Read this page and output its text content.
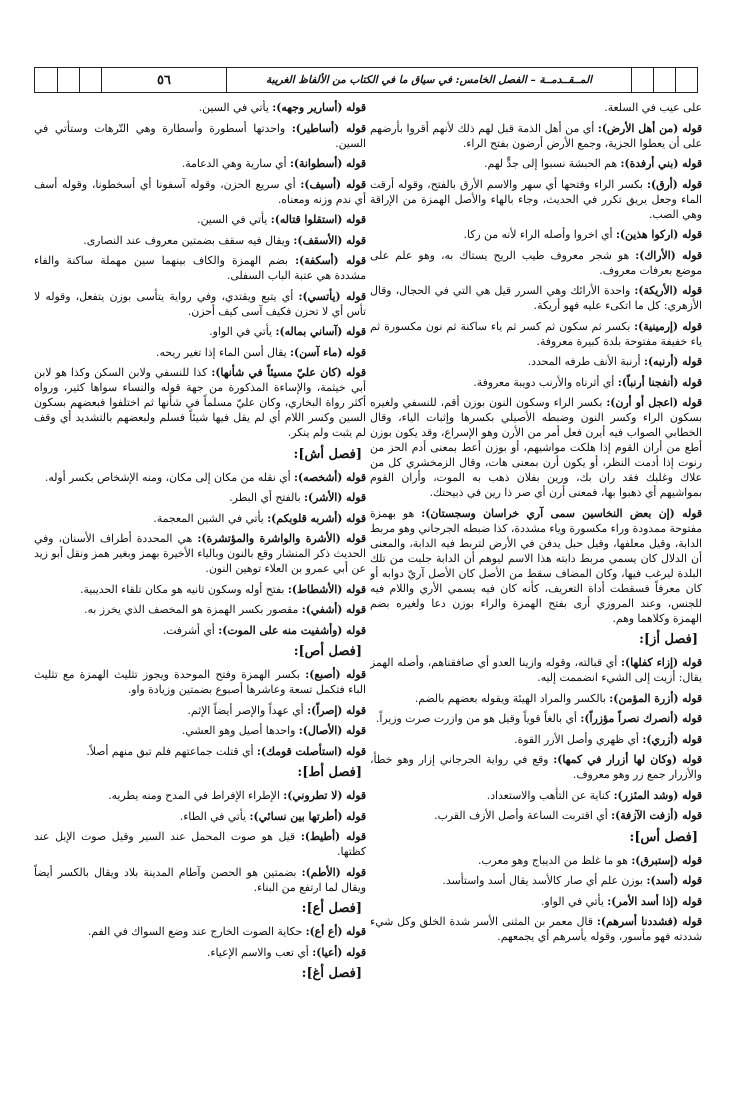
٥٦	المــقــدمــة – الفصل الخامس: في سياق ما في الكتاب من الألفاظ الغريبة

على عيب في السلعة.

قوله (من أهل الأرض): أي من أهل الذمة قبل لهم ذلك لأنهم أقروا بأرضهم على أن يعطوا الجزية، وجمع الأرض أرضون بفتح الراء.

قوله (بني أرفدة): هم الحبشة نسبوا إلى جدٍّ لهم.

قوله (أرق): بكسر الراء وفتحها أي سهر والاسم الأرق بالفتح، وقوله أرقت الماء وجعل يريق تكرر في الحديث، وجاء بالهاء والأصل الهمزة من الإراقة وهي الصب.

قوله (اركوا هذين): أي اخروا وأصله الراء لأنه من ركا.

قوله (الأراك): هو شجر معروف طيب الريح يستاك به، وهو علم على موضع بعرفات معروف.

قوله (الأريكة): واحدة الأرائك وهي السرر قيل هي التي في الحجال، وقال الأزهري: كل ما اتكىء عليه فهو أريكة.

قوله (إرمينية): بكسر ثم سكون ثم كسر ثم ياء ساكنة ثم نون مكسورة ثم ياء خفيفة مفتوحة بلدة كبيرة معروفة.

قوله (أرنبه): أرنبة الأنف طرفه المحدد.

قوله (أنفجنا أرنباً): أي أثرناه والأرنب دويبة معروفة.

قوله (اعجل أو أرن): بكسر الراء وسكون النون بوزن أقم، للنسفي ولغيره بسكون الراء وكسر النون وضبطه الأصيلي بكسرها وإثبات الياء، وقال الخطابي الصواب فيه أيرن فعل أمر من الأرن وهو الإسراع، وقد يكون بوزن أطع من أران القوم إذا هلكت مواشيهم، أو بوزن أعط بمعنى أدم الحز من رنوت إذا أدمت النظر، أو يكون أرن بمعنى هات، وقال الزمخشري كل من علاك وغلبك فقد ران بك، ورين بفلان ذهب به الموت، وأران القوم بمواشيهم أي ذهبوا بها، فمعنى أرن أي صر ذا رين في ذبيحتك.

قوله (إن بعض النخاسين سمى آري خراسان وسجستان): هو بهمزة مفتوحة ممدودة وراء مكسورة وياء مشددة، كذا ضبطه الجرجاني وهو مربط الدابة، وقيل معلفها، وقيل حبل يدفن في الأرض لتربط فيه الدابة، والمعنى أن الدلال كان يسمي مربط دابته هذا الاسم ليوهم أن الدابة جلبت من تلك البلدة ليرغب فيها، وكان المضاف سقط من الأصل كان الأصل آريّ دوابه أو كان معرفاً فسقطت أداة التعريف، كأنه كان فيه يسمي الأري واللام فيه للجنس، وعند المروزي أرى بفتح الهمزة والراء بوزن دعا ولغيره بضم الهمزة وكلاهما وهم.

[فصل أز]:

قوله (إزاء كفلها): أي قبالته، وقوله وازينا العدو أي صافقناهم، وأصله الهمز يقال: أزيت إلى الشيء انضممت إليه.

قوله (أزرة المؤمن): بالكسر والمراد الهيئة ويقوله بعضهم بالضم.

قوله (أنصرك نصراً مؤزراً): أي بالغاً قوياً وقيل هو من وازرت صرت وزيراً.

قوله (أزري): أي ظهري وأصل الأزر القوة.

قوله (وكان لها أزرار في كمها): وقع في رواية الجرجاني إزار وهو خطأ، والأزرار جمع زر وهو معروف.

قوله (وشد المئزر): كناية عن التأهب والاستعداد.

قوله (أزفت الآزفة): أي اقتربت الساعة وأصل الأزف القرب.

[فصل أس]:

قوله (إستبرق): هو ما غلظ من الديباج وهو معرب.

قوله (أسد): بوزن علم أي صار كالأسد يقال أسد واستأسد.

قوله (إذا أسد الأمر): يأتي في الواو.

قوله (فشددنا أسرهم): قال معمر بن المثنى الأسر شدة الخلق وكل شيء شددته فهو مأسور، وقوله يأسرهم أي يجمعهم.

قوله (أسارير وجهه): يأتي في السين.

قوله (أساطير): واحدتها أسطورة وأسطارة وهي التّرهات وستأتي في السين.

قوله (أسطوانة): أي سارية وهي الدعامة.

قوله (أسيف): أي سريع الحزن، وقوله آسفونا أي أسخطونا، وقوله أسف أي ندم وزنه ومعناه.

قوله (استقلوا قتاله): يأتي في السين.

قوله (الأسقف): ويقال فيه سقف بضمتين معروف عند النصارى.

قوله (أسكفة): بضم الهمزة والكاف بينهما سين مهملة ساكنة والفاء مشددة هي عتبة الباب السفلى.

قوله (يأتسي): أي يتبع ويقتدي، وفي رواية يتأسى بوزن يتفعل، وقوله لا تأس أي لا تحزن فكيف آسى كيف أحزن.

قوله (آساني بماله): يأتي في الواو.

قوله (ماء آسن): يقال أسن الماء إذا تغير ريحه.

قوله (كان عليّ مسيئاً في شأنها): كذا للنسفي ولابن السكن وكذا هو لابن أبي خيثمة، والإساءة المذكورة من جهة قوله والنساء سواها كثير، ورواه أكثر رواة البخاري، وكان عليّ مسلماً في شأنها ثم اختلفوا فبعضهم بسكون السين وكسر اللام أي لم يقل فيها شيئاً فسلم ولبعضهم بالتشديد أي وقف لم يثبت ولم ينكر.

[فصل أش]:

قوله (أشخصه): أي نقله من مكان إلى مكان، ومنه الإشخاص بكسر أوله.

قوله (الأشر): بالفتح أي البطر.

قوله (أشربه قلوبكم): يأتي في الشين المعجمة.

قوله (الأشرة والواشرة والمؤتشرة): هي المحددة أطراف الأسنان، وفي الحديث ذكر المنشار وقع بالنون وبالياء الأخيرة بهمز وبغير همز ونقل أبو زيد عن أبي عمرو بن العلاء توهين النون.

قوله (الأشطاط): بفتح أوله وسكون ثانيه هو مكان تلقاء الحديبية.

قوله (أشفي): مقصور بكسر الهمزة هو المخصف الذي يخرز به.

قوله (وأشفيت منه على الموت): أي أشرفت.

[فصل أص]:

قوله (أصبع): بكسر الهمزة وفتح الموحدة ويجوز تثليث الهمزة مع تثليث الباء فتكمل تسعة وعاشرها أصبوع بضمتين وزيادة واو.

قوله (إصراً): أي عهداً والإصر أيضاً الإثم.

قوله (الأصال): واحدها أصيل وهو العشي.

قوله (استأصلت قومك): أي قتلت جماعتهم فلم تبق منهم أصلاً.

[فصل أط]:

قوله (لا تطروني): الإطراء الإفراط في المدح ومنه يطريه.

قوله (أطرتها بين نسائي): يأتي في الطاء.

قوله (أطيط): قيل هو صوت المحمل عند السير وقيل صوت الإبل عند كظتها.

قوله (الأطم): بضمتين هو الحصن وآطام المدينة بلاد ويقال بالكسر أيضاً ويقال لما ارتفع من البناء.

[فصل أع]:

قوله (أع أع): حكاية الصوت الخارج عند وضع السواك في الفم.

قوله (أعيا): أي تعب والاسم الإعياء.

[فصل أغ]:
